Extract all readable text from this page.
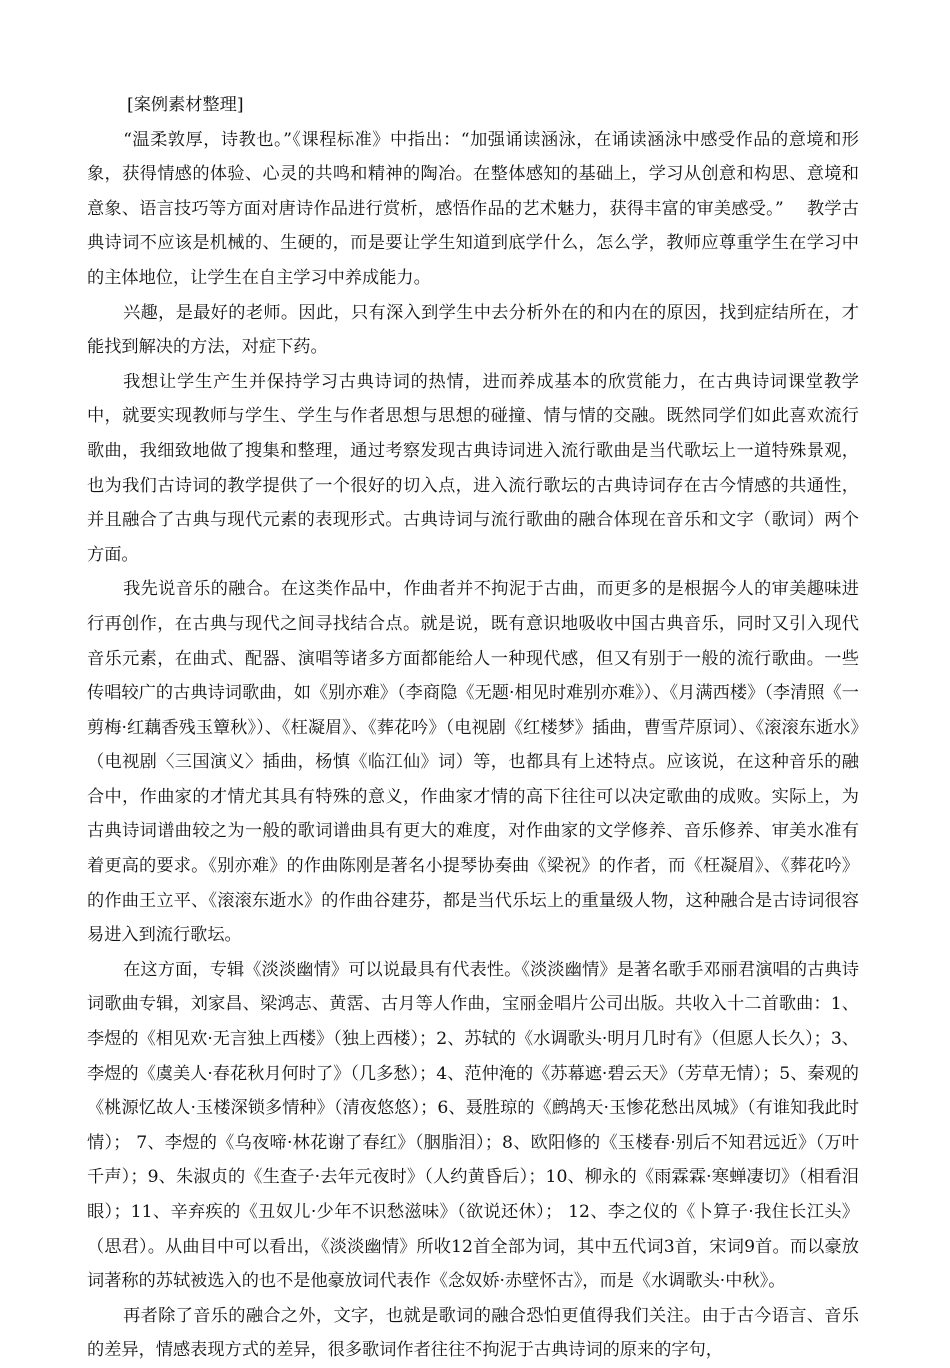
[案例素材整理]

“温柔敦厚，诗教也。”《课程标准》中指出：“加强诵读涵泳，在诵读涵泳中感受作品的意境和形象，获得情感的体验、心灵的共鸣和精神的陶冶。在整体感知的基础上，学习从创意和构思、意境和意象、语言技巧等方面对唐诗作品进行赏析，感悟作品的艺术魅力，获得丰富的审美感受。”　 教学古典诗词不应该是机械的、生硬的，而是要让学生知道到底学什么，怎么学，教师应尊重学生在学习中的主体地位，让学生在自主学习中养成能力。

兴趣，是最好的老师。因此，只有深入到学生中去分析外在的和内在的原因，找到症结所在，才能找到解决的方法，对症下药。

我想让学生产生并保持学习古典诗词的热情，进而养成基本的欣赏能力，在古典诗词课堂教学中，就要实现教师与学生、学生与作者思想与思想的碰撞、情与情的交融。既然同学们如此喜欢流行歌曲，我细致地做了搜集和整理，通过考察发现古典诗词进入流行歌曲是当代歌坛上一道特殊景观，也为我们古诗词的教学提供了一个很好的切入点，进入流行歌坛的古典诗词存在古今情感的共通性，并且融合了古典与现代元素的表现形式。古典诗词与流行歌曲的融合体现在音乐和文字（歌词）两个方面。

我先说音乐的融合。在这类作品中，作曲者并不拘泥于古曲，而更多的是根据今人的审美趣味进行再创作，在古典与现代之间寻找结合点。就是说，既有意识地吸收中国古典音乐，同时又引入现代音乐元素，在曲式、配器、演唱等诸多方面都能给人一种现代感，但又有别于一般的流行歌曲。一些传唱较广的古典诗词歌曲，如《别亦难》（李商隐《无题·相见时难别亦难》）、《月满西楼》（李清照《一剪梅·红藕香残玉簟秋》）、《枉凝眉》、《葬花吟》（电视剧《红楼梦》插曲，曹雪芹原词）、《滚滚东逝水》（电视剧〈三国演义〉插曲，杨慎《临江仙》词）等，也都具有上述特点。应该说，在这种音乐的融合中，作曲家的才情尤其具有特殊的意义，作曲家才情的高下往往可以决定歌曲的成败。实际上，为古典诗词谱曲较之为一般的歌词谱曲具有更大的难度，对作曲家的文学修养、音乐修养、审美水准有着更高的要求。《别亦难》的作曲陈刚是著名小提琴协奏曲《梁祝》的作者，而《枉凝眉》、《葬花吟》的作曲王立平、《滚滚东逝水》的作曲谷建芬，都是当代乐坛上的重量级人物，这种融合是古诗词很容易进入到流行歌坛。

在这方面，专辑《淡淡幽情》可以说最具有代表性。《淡淡幽情》是著名歌手邓丽君演唱的古典诗词歌曲专辑，刘家昌、梁鸿志、黄霑、古月等人作曲，宝丽金唱片公司出版。共收入十二首歌曲：1、李煜的《相见欢·无言独上西楼》（独上西楼）；2、苏轼的《水调歌头·明月几时有》（但愿人长久）；3、李煜的《虞美人·春花秋月何时了》（几多愁）；4、范仲淹的《苏幕遮·碧云天》（芳草无情）；5、秦观的《桃源忆故人·玉楼深锁多情种》（清夜悠悠）；6、聂胜琼的《鹧鸪天·玉惨花愁出凤城》（有谁知我此时情）； 7、李煜的《乌夜啼·林花谢了春红》（胭脂泪）；8、欧阳修的《玉楼春·别后不知君远近》（万叶千声）；9、朱淑贞的《生查子·去年元夜时》（人约黄昏后）；10、柳永的《雨霖霖·寒蝉凄切》（相看泪眼）；11、辛弃疾的《丑奴儿·少年不识愁滋味》（欲说还休）； 12、李之仪的《卜算子·我住长江头》（思君）。从曲目中可以看出，《淡淡幽情》所收12首全部为词，其中五代词3首，宋词9首。而以豪放词著称的苏轼被选入的也不是他豪放词代表作《念奴娇·赤壁怀古》，而是《水调歌头·中秋》。

再者除了音乐的融合之外，文字，也就是歌词的融合恐怕更值得我们关注。由于古今语言、音乐的差异，情感表现方式的差异，很多歌词作者往往不拘泥于古典诗词的原来的字句，
